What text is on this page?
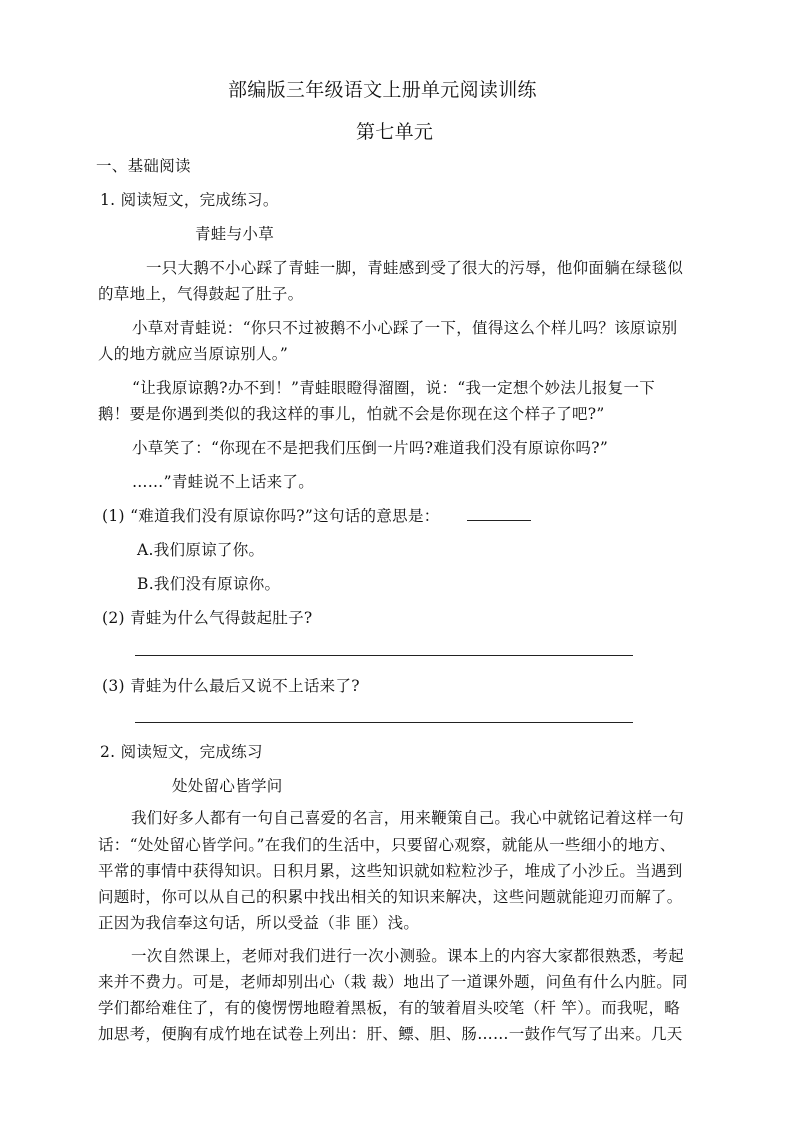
部编版三年级语文上册单元阅读训练
第七单元
一、基础阅读
1. 阅读短文，完成练习。
青蛙与小草
一只大鹅不小心踩了青蛙一脚，青蛙感到受了很大的污辱，他仰面躺在绿毯似
的草地上，气得鼓起了肚子。
小草对青蛙说：“你只不过被鹅不小心踩了一下，值得这么个样儿吗？该原谅别
人的地方就应当原谅别人。”
“让我原谅鹅?办不到！”青蛙眼瞪得溜圈，说：“我一定想个妙法儿报复一下
鹅！要是你遇到类似的我这样的事儿，怕就不会是你现在这个样子了吧?”
小草笑了：“你现在不是把我们压倒一片吗?难道我们没有原谅你吗?”
……”青蛙说不上话来了。
(1) “难道我们没有原谅你吗?”这句话的意思是：
A.我们原谅了你。
B.我们没有原谅你。
(2) 青蛙为什么气得鼓起肚子?
(3) 青蛙为什么最后又说不上话来了?
2. 阅读短文，完成练习
处处留心皆学问
我们好多人都有一句自己喜爱的名言，用来鞭策自己。我心中就铭记着这样一句
话：“处处留心皆学问。”在我们的生活中，只要留心观察，就能从一些细小的地方、
平常的事情中获得知识。日积月累，这些知识就如粒粒沙子，堆成了小沙丘。当遇到
问题时，你可以从自己的积累中找出相关的知识来解决，这些问题就能迎刃而解了。
正因为我信奉这句话，所以受益（非 匪）浅。
一次自然课上，老师对我们进行一次小测验。课本上的内容大家都很熟悉，考起
来并不费力。可是，老师却别出心（栽 裁）地出了一道课外题，问鱼有什么内脏。同
学们都给难住了，有的傻愣愣地瞪着黑板，有的皱着眉头咬笔（杆 竿）。而我呢，略
加思考，便胸有成竹地在试卷上列出：肝、鳔、胆、肠……一鼓作气写了出来。几天
